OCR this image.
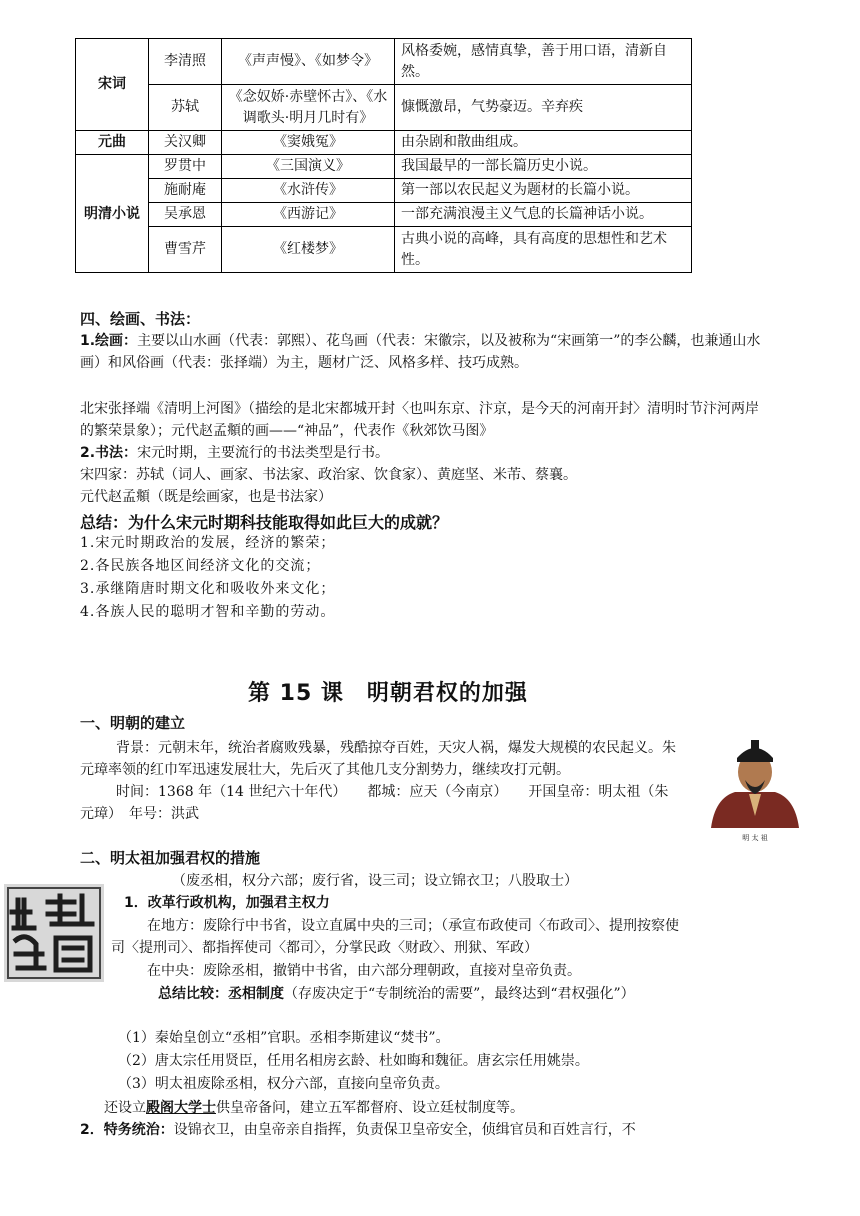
宋词	李清照	《声声慢》、《如梦令》	风格委婉，感情真挚，善于用口语，清新自然。
	苏轼	《念奴娇·赤壁怀古》、《水调歌头·明月几时有》	慷慨激昂，气势豪迈。辛弃疾
元曲	关汉卿	《窦娥冤》	由杂剧和散曲组成。
明清小说	罗贯中	《三国演义》	我国最早的一部长篇历史小说。
	施耐庵	《水浒传》	第一部以农民起义为题材的长篇小说。
	吴承恩	《西游记》	一部充满浪漫主义气息的长篇神话小说。
	曹雪芹	《红楼梦》	古典小说的高峰，具有高度的思想性和艺术性。
四、绘画、书法：
1.绘画：主要以山水画（代表：郭熙）、花鸟画（代表：宋徽宗，以及被称为“宋画第一”的李公麟，也兼通山水画）和风俗画（代表：张择端）为主，题材广泛、风格多样、技巧成熟。
北宋张择端《清明上河图》（描绘的是北宋都城开封〈也叫东京、汴京，是今天的河南开封〉清明时节汴河两岸的繁荣景象）；元代赵孟頫的画——“神品”，代表作《秋郊饮马图》
2.书法：宋元时期，主要流行的书法类型是行书。
宋四家：苏轼（词人、画家、书法家、政治家、饮食家）、黄庭坚、米芾、蔡襄。
元代赵孟頫（既是绘画家，也是书法家）
总结：为什么宋元时期科技能取得如此巨大的成就？
1.宋元时期政治的发展，经济的繁荣；
2.各民族各地区间经济文化的交流；
3.承继隋唐时期文化和吸收外来文化；
4.各族人民的聪明才智和辛勤的劳动。
第 15 课　明朝君权的加强
一、明朝的建立
背景：元朝末年，统治者腐败残暴，残酷掠夺百姓，天灾人祸，爆发大规模的农民起义。朱元璋率领的红巾军迅速发展壮大，先后灭了其他几支分割势力，继续攻打元朝。
时间：1368 年（14 世纪六十年代）　　都城：应天（今南京）　　开国皇帝：明太祖（朱
元璋）　年号：洪武
明 太 祖
二、明太祖加强君权的措施
（废丞相，权分六部；废行省，设三司；设立锦衣卫；八股取士）
1．改革行政机构，加强君主权力
在地方：废除行中书省，设立直属中央的三司；（承宣布政使司〈布政司〉、提刑按察使司〈提刑司〉、都指挥使司〈都司〉，分掌民政〈财政〉、刑狱、军政）
在中央：废除丞相，撤销中书省，由六部分理朝政，直接对皇帝负责。
总结比较：丞相制度（存废决定于“专制统治的需要”，最终达到“君权强化”）
（1）秦始皇创立“丞相”官职。丞相李斯建议“焚书”。
（2）唐太宗任用贤臣，任用名相房玄龄、杜如晦和魏征。唐玄宗任用姚崇。
（3）明太祖废除丞相，权分六部，直接向皇帝负责。
还设立殿阁大学士供皇帝备问，建立五军都督府、设立廷杖制度等。
2．特务统治：设锦衣卫，由皇帝亲自指挥，负责保卫皇帝安全，侦缉官员和百姓言行，不
